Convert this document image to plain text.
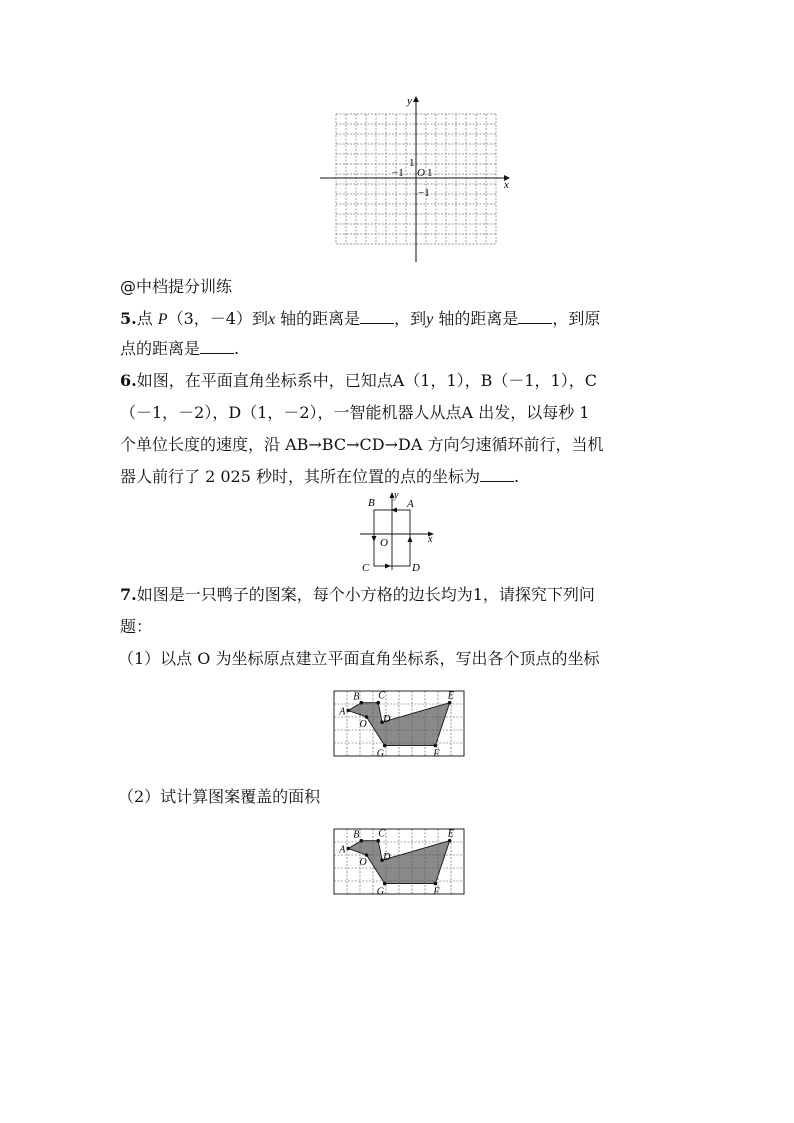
x
y
−1 O 1
1
−1
@中档提分训练
5.点 P（3，－4）到x 轴的距离是 ，到y 轴的距离是 ，到原
点的距离是 .
6.如图，在平面直角坐标系中，已知点A（1，1），B（－1，1），C
（－1，－2），D（1，－2），一智能机器人从点A 出发，以每秒 1
个单位长度的速度，沿 AB→BC→CD→DA 方向匀速循环前行，当机
器人前行了 2 025 秒时，其所在位置的点的坐标为 .
B	A
y
O	x
C	D
7.如图是一只鸭子的图案，每个小方格的边长均为1，请探究下列问
题：
（1）以点 O 为坐标原点建立平面直角坐标系，写出各个顶点的坐标
A
B C
D
E
F
G
O
（2）试计算图案覆盖的面积
A
B C
D
E
F
G
O
